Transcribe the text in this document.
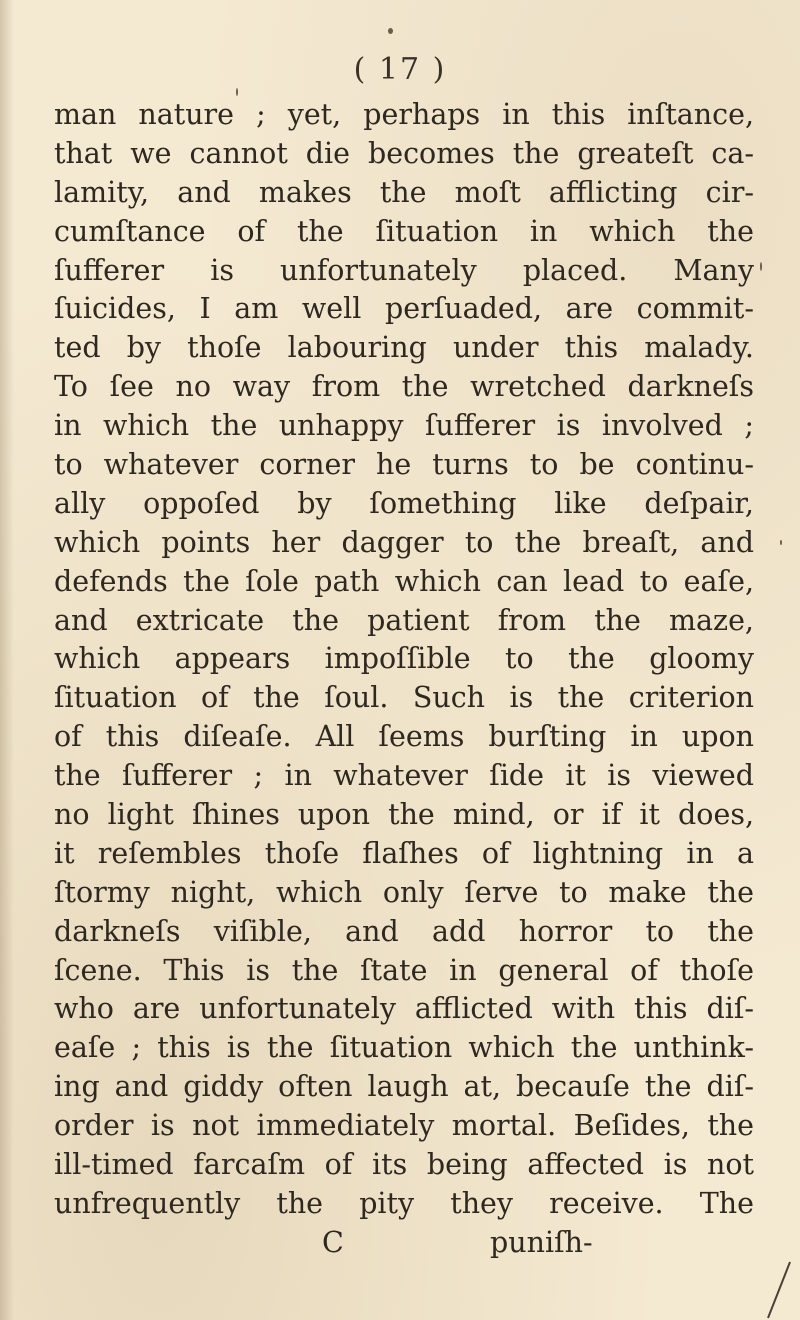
( 17 )
man nature ; yet, perhaps in this inſtance,
that we cannot die becomes the greateſt ca-
lamity, and makes the moſt afflicting cir-
cumſtance of the ſituation in which the
ſufferer is unfortunately placed. Many
ſuicides, I am well perſuaded, are commit-
ted by thoſe labouring under this malady.
To ſee no way from the wretched darkneſs
in which the unhappy ſufferer is involved ;
to whatever corner he turns to be continu-
ally oppoſed by ſomething like deſpair,
which points her dagger to the breaſt, and
defends the ſole path which can lead to eaſe,
and extricate the patient from the maze,
which appears impoſſible to the gloomy
ſituation of the ſoul. Such is the criterion
of this diſeaſe. All ſeems burſting in upon
the ſufferer ; in whatever ſide it is viewed
no light ſhines upon the mind, or if it does,
it reſembles thoſe flaſhes of lightning in a
ſtormy night, which only ſerve to make the
darkneſs viſible, and add horror to the
ſcene. This is the ſtate in general of thoſe
who are unfortunately afflicted with this diſ-
eaſe ; this is the ſituation which the unthink-
ing and giddy often laugh at, becauſe the diſ-
order is not immediately mortal. Beſides, the
ill-timed farcaſm of its being affected is not
unfrequently the pity they receive. The
C	puniſh-
